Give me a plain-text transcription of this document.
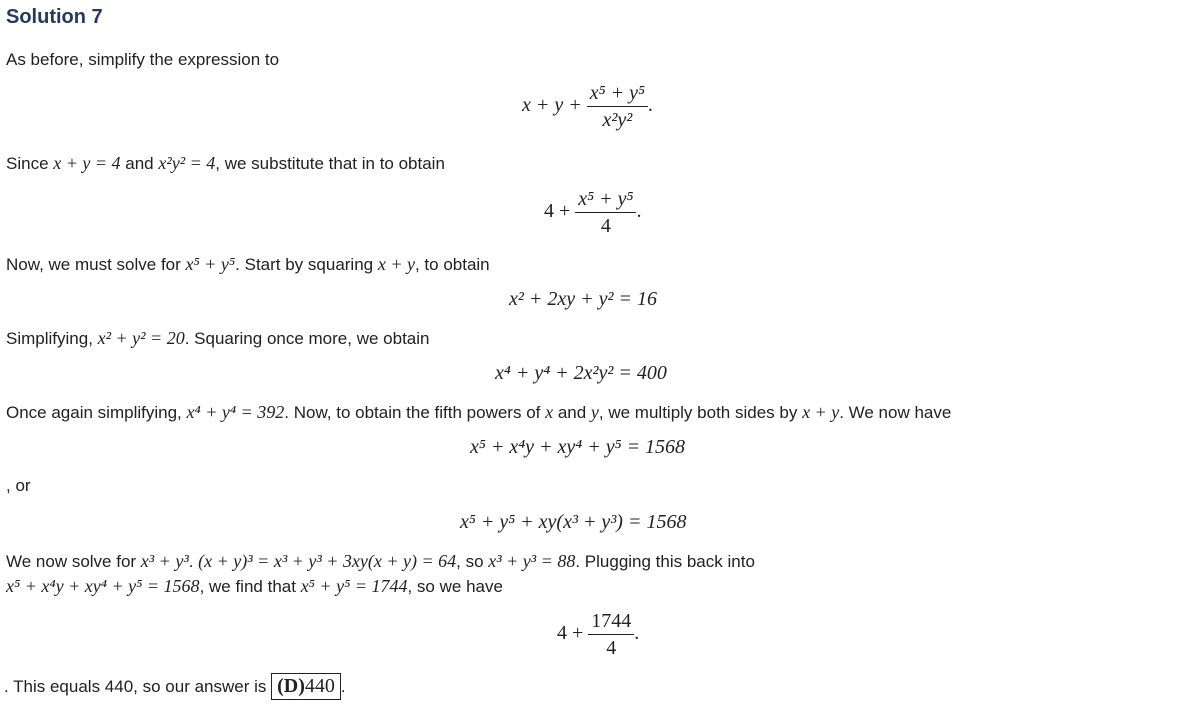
Solution 7
As before, simplify the expression to
$x + y + \frac{\text{x⁵ + y⁵}}{\text{x²y²}}$ .
Since x + y = 4 and x²y² = 4, we substitute that in to obtain
$4 + \frac{\text{x⁵ + y⁵}}{4}$ .
Now, we must solve for x⁵ + y⁵. Start by squaring x + y, to obtain
x² + 2xy + y² = 16
Simplifying, x² + y² = 20. Squaring once more, we obtain
x⁴ + y⁴ + 2x²y² = 400
Once again simplifying, x⁴ + y⁴ = 392. Now, to obtain the fifth powers of x and y, we multiply both sides by x + y. We now have
x⁵ + x⁴y + xy⁴ + y⁵ = 1568
, or
x⁵ + y⁵ + xy(x³ + y³) = 1568
We now solve for x³ + y³. (x + y)³ = x³ + y³ + 3xy(x + y) = 64, so x³ + y³ = 88. Plugging this back into
x⁵ + x⁴y + xy⁴ + y⁵ = 1568, we find that x⁵ + y⁵ = 1744, so we have
$4 + \frac{1744}{4}$ .
. This equals 440, so our answer is (D)440 .
